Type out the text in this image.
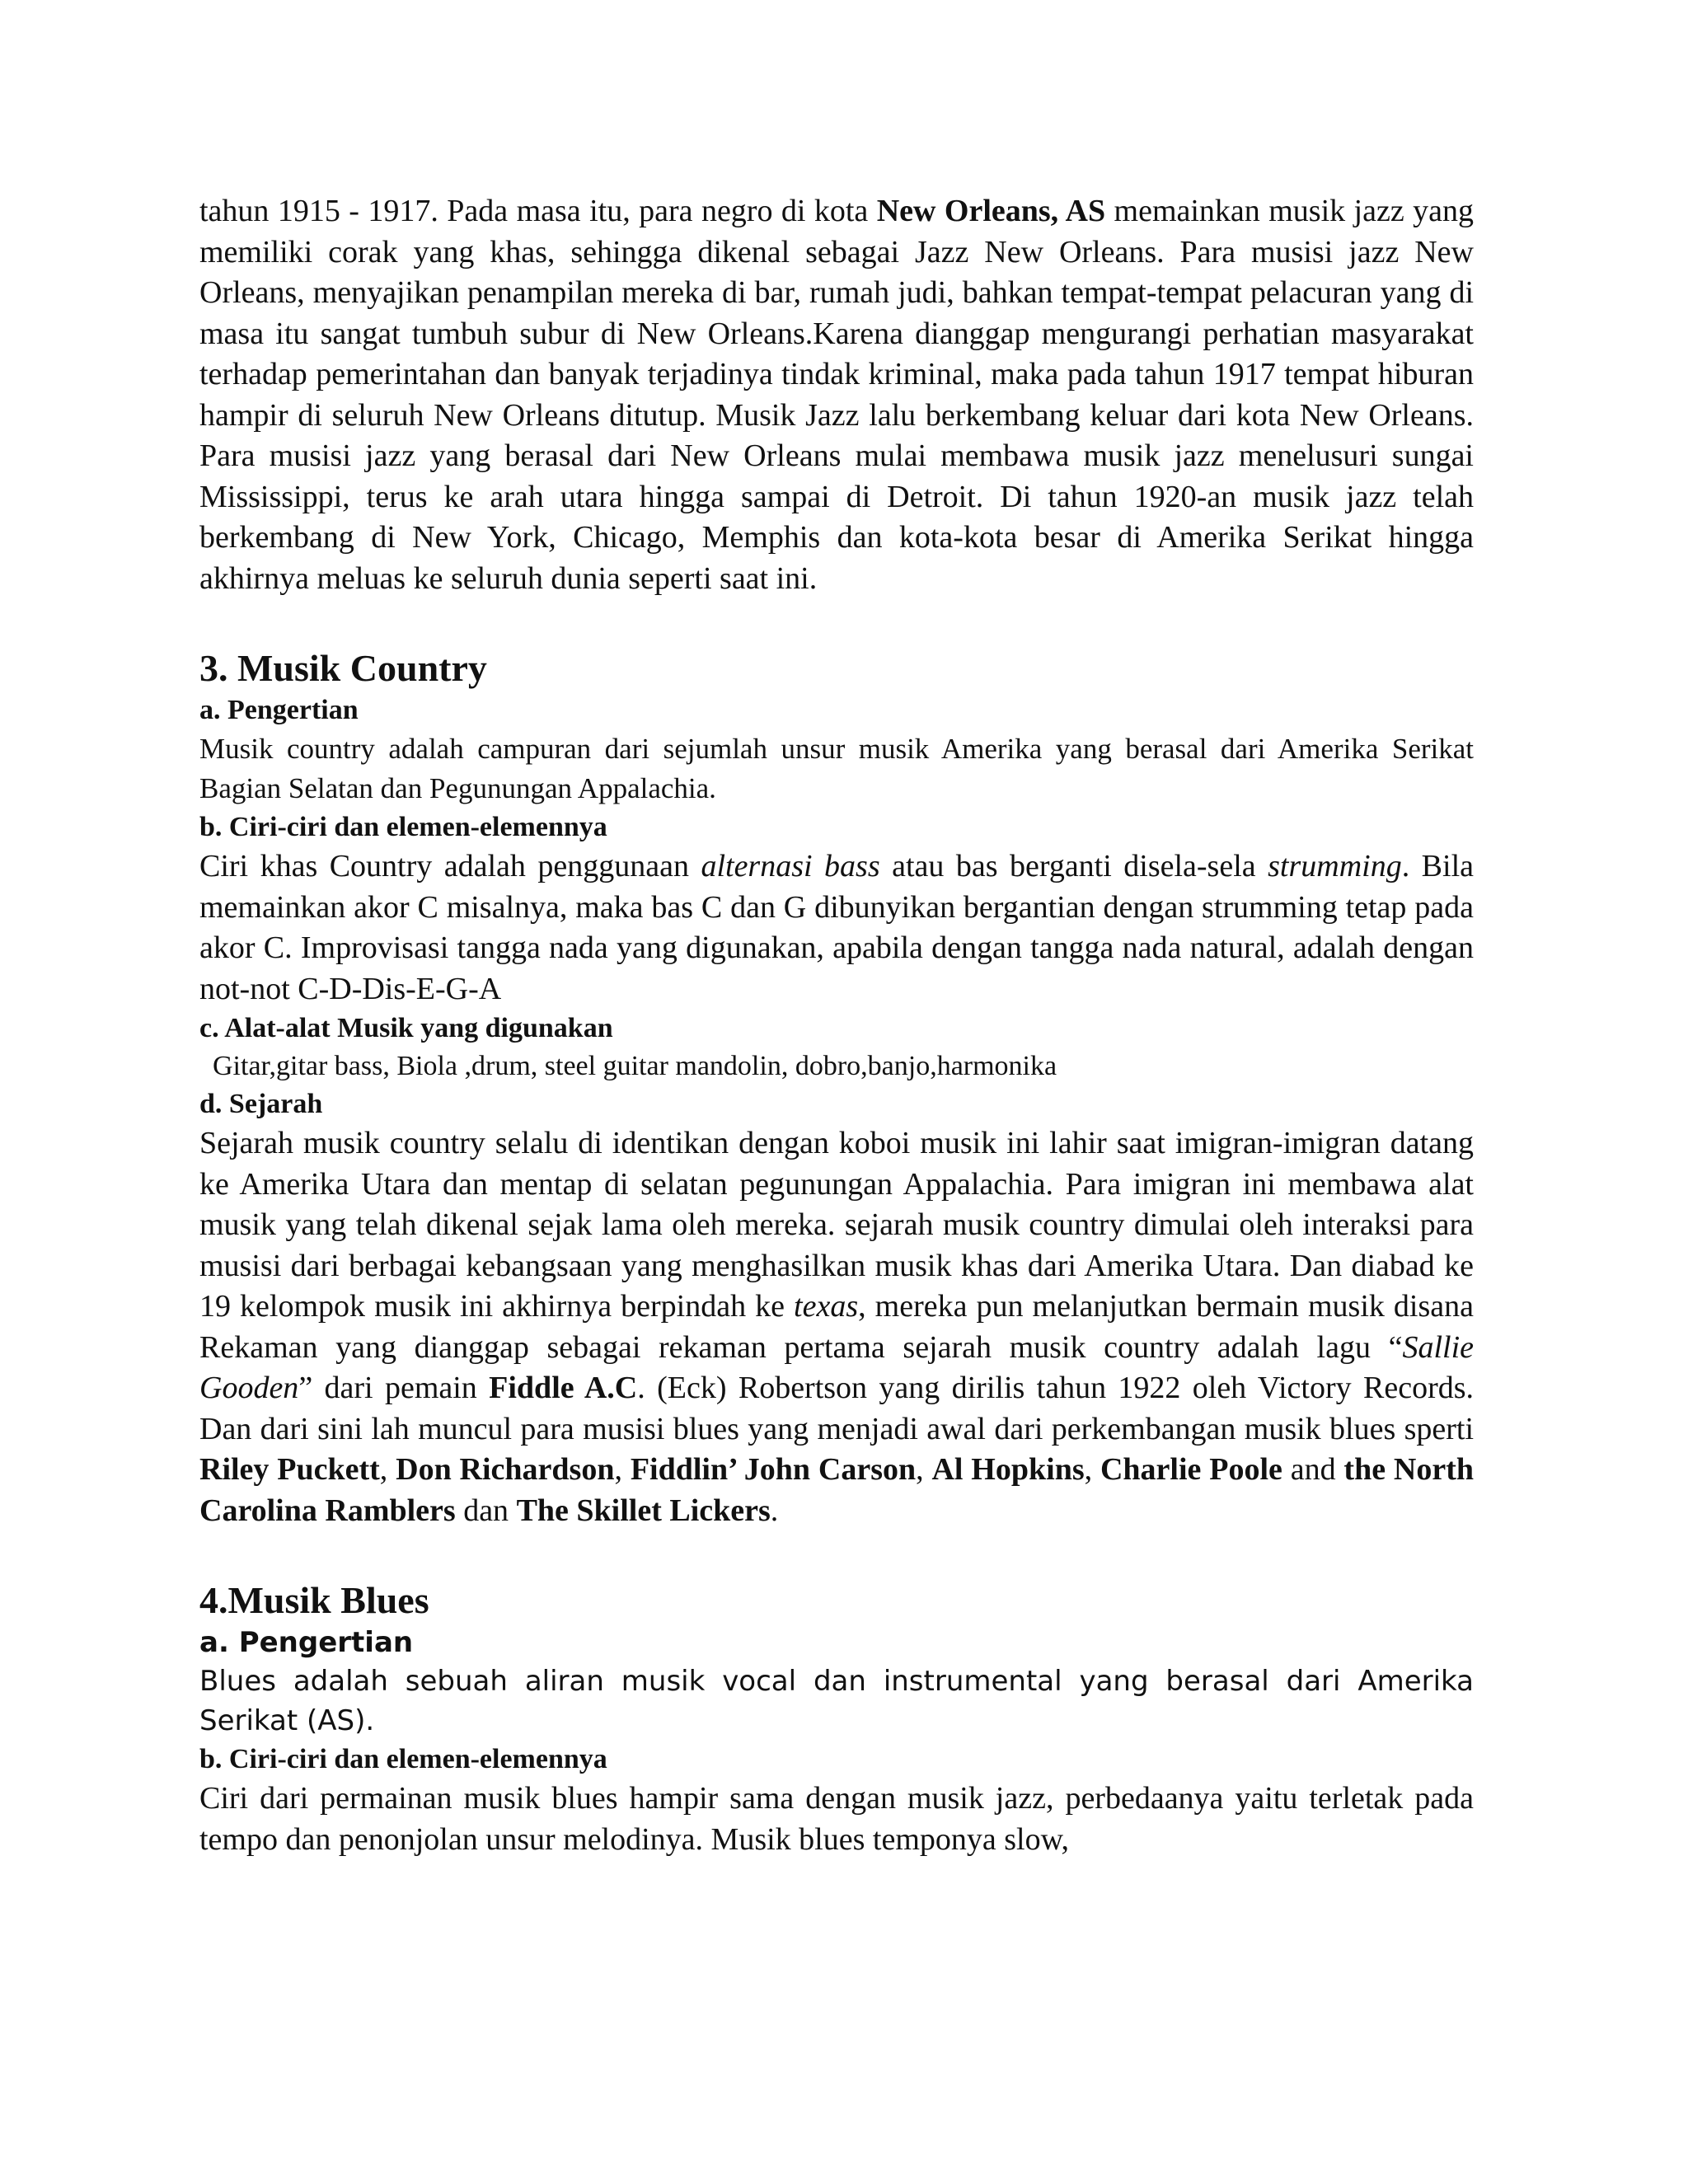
tahun 1915 - 1917. Pada masa itu, para negro di kota New Orleans, AS memainkan musik jazz yang memiliki corak yang khas, sehingga dikenal sebagai Jazz New Orleans. Para musisi jazz New Orleans, menyajikan penampilan mereka di bar, rumah judi, bahkan tempat-tempat pelacuran yang di masa itu sangat tumbuh subur di New Orleans.Karena dianggap mengurangi perhatian masyarakat terhadap pemerintahan dan banyak terjadinya tindak kriminal, maka pada tahun 1917 tempat hiburan hampir di seluruh New Orleans ditutup. Musik Jazz lalu berkembang keluar dari kota New Orleans. Para musisi jazz yang berasal dari New Orleans mulai membawa musik jazz menelusuri sungai Mississippi, terus ke arah utara hingga sampai di Detroit. Di tahun 1920-an musik jazz telah berkembang di New York, Chicago, Memphis dan kota-kota besar di Amerika Serikat hingga akhirnya meluas ke seluruh dunia seperti saat ini.

3. Musik Country
a. Pengertian

Musik country adalah campuran dari sejumlah unsur musik Amerika yang berasal dari Amerika Serikat Bagian Selatan dan Pegunungan Appalachia.

b. Ciri-ciri dan elemen-elemennya

Ciri khas Country adalah penggunaan alternasi bass atau bas berganti disela-sela strumming. Bila memainkan akor C misalnya, maka bas C dan G dibunyikan bergantian dengan strumming tetap pada akor C. Improvisasi tangga nada yang digunakan, apabila dengan tangga nada natural, adalah dengan not-not C-D-Dis-E-G-A

c. Alat-alat Musik yang digunakan

Gitar,gitar bass, Biola ,drum, steel guitar mandolin, dobro,banjo,harmonika

d. Sejarah

Sejarah musik country selalu di identikan dengan koboi musik ini lahir saat imigran-imigran datang ke Amerika Utara dan mentap di selatan pegunungan Appalachia. Para imigran ini membawa alat musik yang telah dikenal sejak lama oleh mereka. sejarah musik country dimulai oleh interaksi para musisi dari berbagai kebangsaan yang menghasilkan musik khas dari Amerika Utara. Dan diabad ke 19 kelompok musik ini akhirnya berpindah ke texas, mereka pun melanjutkan bermain musik disana Rekaman yang dianggap sebagai rekaman pertama sejarah musik country adalah lagu “Sallie Gooden” dari pemain Fiddle A.C. (Eck) Robertson yang dirilis tahun 1922 oleh Victory Records. Dan dari sini lah muncul para musisi blues yang menjadi awal dari perkembangan musik blues sperti Riley Puckett, Don Richardson, Fiddlin’ John Carson, Al Hopkins, Charlie Poole and the North Carolina Ramblers dan The Skillet Lickers.

4.Musik Blues
a. Pengertian

Blues adalah sebuah aliran musik vocal dan instrumental yang berasal dari Amerika Serikat (AS).

b. Ciri-ciri dan elemen-elemennya

Ciri dari permainan musik blues hampir sama dengan musik jazz, perbedaanya yaitu terletak pada tempo dan penonjolan unsur melodinya. Musik blues temponya slow,
